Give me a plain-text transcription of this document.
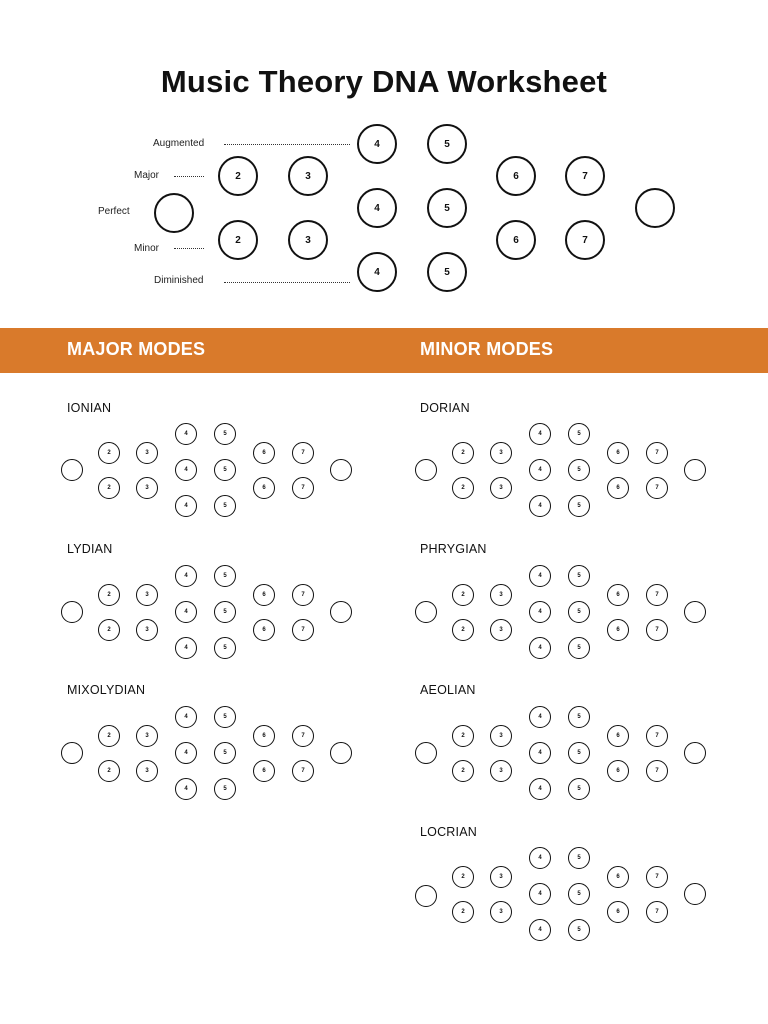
Music Theory DNA Worksheet
Augmented
Major
Perfect
Minor
Diminished
2	3
2	3
4	5
4	5
4	5
6	7
6	7
MAJOR MODES	MINOR MODES
IONIAN
LYDIAN
MIXOLYDIAN
DORIAN
PHRYGIAN
AEOLIAN
LOCRIAN
2	3
2	3
4	5
4	5
4	5
6	7
6	7
2	3
2	3
4	5
4	5
4	5
6	7
6	7
2	3
2	3
4	5
4	5
4	5
6	7
6	7
2	3
2	3
4	5
4	5
4	5
6	7
6	7
2	3
2	3
4	5
4	5
4	5
6	7
6	7
2	3
2	3
4	5
4	5
4	5
6	7
6	7
2	3
2	3
4	5
4	5
4	5
6	7
6	7
